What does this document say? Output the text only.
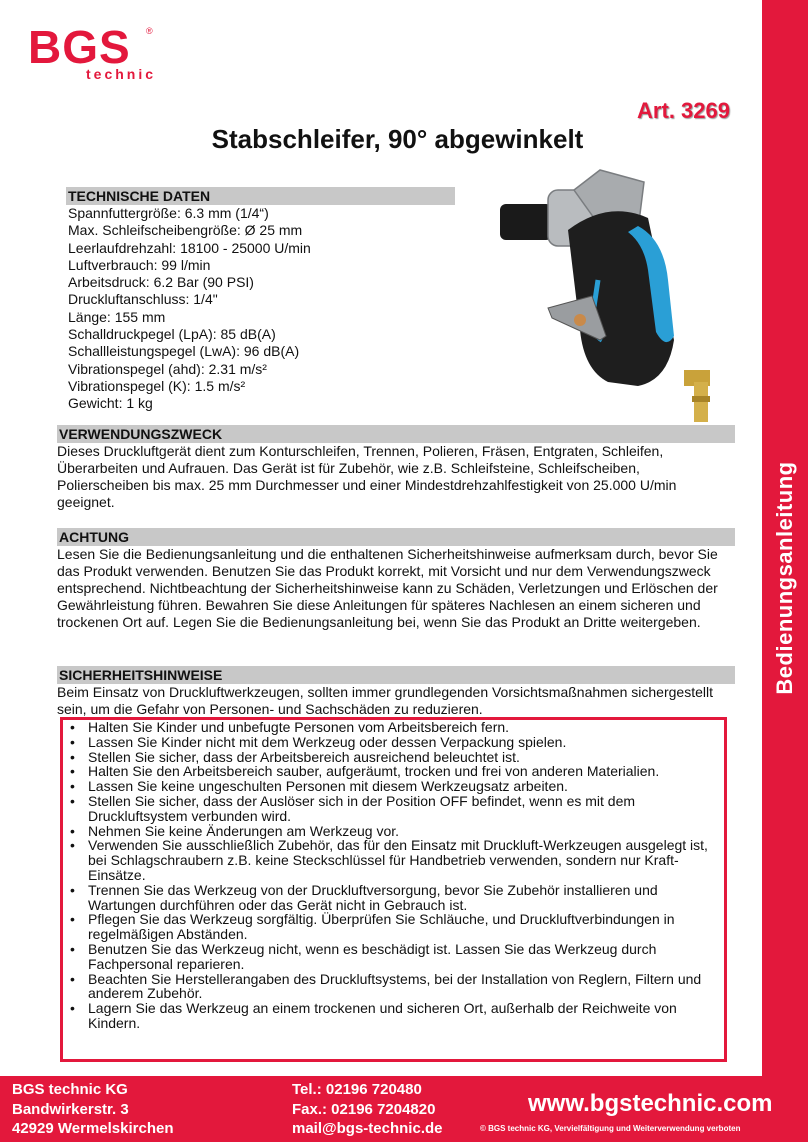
BGS ®
technic
Art. 3269
Stabschleifer, 90° abgewinkelt
Bedienungsanleitung
TECHNISCHE DATEN
Spannfuttergröße: 6.3 mm (1/4“)
Max. Schleifscheibengröße: Ø 25 mm
Leerlaufdrehzahl: 18100 - 25000 U/min
Luftverbrauch: 99 l/min
Arbeitsdruck: 6.2 Bar (90 PSI)
Druckluftanschluss: 1/4"
Länge: 155 mm
Schalldruckpegel (LpA): 85 dB(A)
Schallleistungspegel (LwA): 96 dB(A)
Vibrationspegel (ahd): 2.31 m/s²
Vibrationspegel (K): 1.5 m/s²
Gewicht: 1 kg
VERWENDUNGSZWECK
Dieses Druckluftgerät dient zum Konturschleifen, Trennen, Polieren, Fräsen, Entgraten, Schleifen, Überarbeiten und Aufrauen. Das Gerät ist für Zubehör, wie z.B. Schleifsteine, Schleifscheiben, Polierscheiben bis max. 25 mm Durchmesser und einer Mindestdrehzahlfestigkeit von 25.000 U/min geeignet.
ACHTUNG
Lesen Sie die Bedienungsanleitung und die enthaltenen Sicherheitshinweise aufmerksam durch, bevor Sie das Produkt verwenden. Benutzen Sie das Produkt korrekt, mit Vorsicht und nur dem Verwendungszweck entsprechend. Nichtbeachtung der Sicherheitshinweise kann zu Schäden, Verletzungen und Erlöschen der Gewährleistung führen. Bewahren Sie diese Anleitungen für späteres Nachlesen an einem sicheren und trockenen Ort auf. Legen Sie die Bedienungsanleitung bei, wenn Sie das Produkt an Dritte weitergeben.
SICHERHEITSHINWEISE
Beim Einsatz von Druckluftwerkzeugen, sollten immer grundlegenden Vorsichtsmaßnahmen sichergestellt sein, um die Gefahr von Personen- und Sachschäden zu reduzieren.
• Halten Sie Kinder und unbefugte Personen vom Arbeitsbereich fern.
• Lassen Sie Kinder nicht mit dem Werkzeug oder dessen Verpackung spielen.
• Stellen Sie sicher, dass der Arbeitsbereich ausreichend beleuchtet ist.
• Halten Sie den Arbeitsbereich sauber, aufgeräumt, trocken und frei von anderen Materialien.
• Lassen Sie keine ungeschulten Personen mit diesem Werkzeugsatz arbeiten.
• Stellen Sie sicher, dass der Auslöser sich in der Position OFF befindet, wenn es mit dem Druckluftsystem verbunden wird.
• Nehmen Sie keine Änderungen am Werkzeug vor.
• Verwenden Sie ausschließlich Zubehör, das für den Einsatz mit Druckluft-Werkzeugen ausgelegt ist, bei Schlagschraubern z.B. keine Steckschlüssel für Handbetrieb verwenden, sondern nur Kraft-Einsätze.
• Trennen Sie das Werkzeug von der Druckluftversorgung, bevor Sie Zubehör installieren und Wartungen durchführen oder das Gerät nicht in Gebrauch ist.
• Pflegen Sie das Werkzeug sorgfältig. Überprüfen Sie Schläuche, und Druckluftverbindungen in regelmäßigen Abständen.
• Benutzen Sie das Werkzeug nicht, wenn es beschädigt ist. Lassen Sie das Werkzeug durch Fachpersonal reparieren.
• Beachten Sie Herstellerangaben des Druckluftsystems, bei der Installation von Reglern, Filtern und anderem Zubehör.
• Lagern Sie das Werkzeug an einem trockenen und sicheren Ort, außerhalb der Reichweite von Kindern.
BGS technic KG
Bandwirkerstr. 3
42929 Wermelskirchen
Tel.: 02196 720480
Fax.: 02196 7204820
mail@bgs-technic.de
www.bgstechnic.com
© BGS technic KG, Vervielfältigung und Weiterverwendung verboten
